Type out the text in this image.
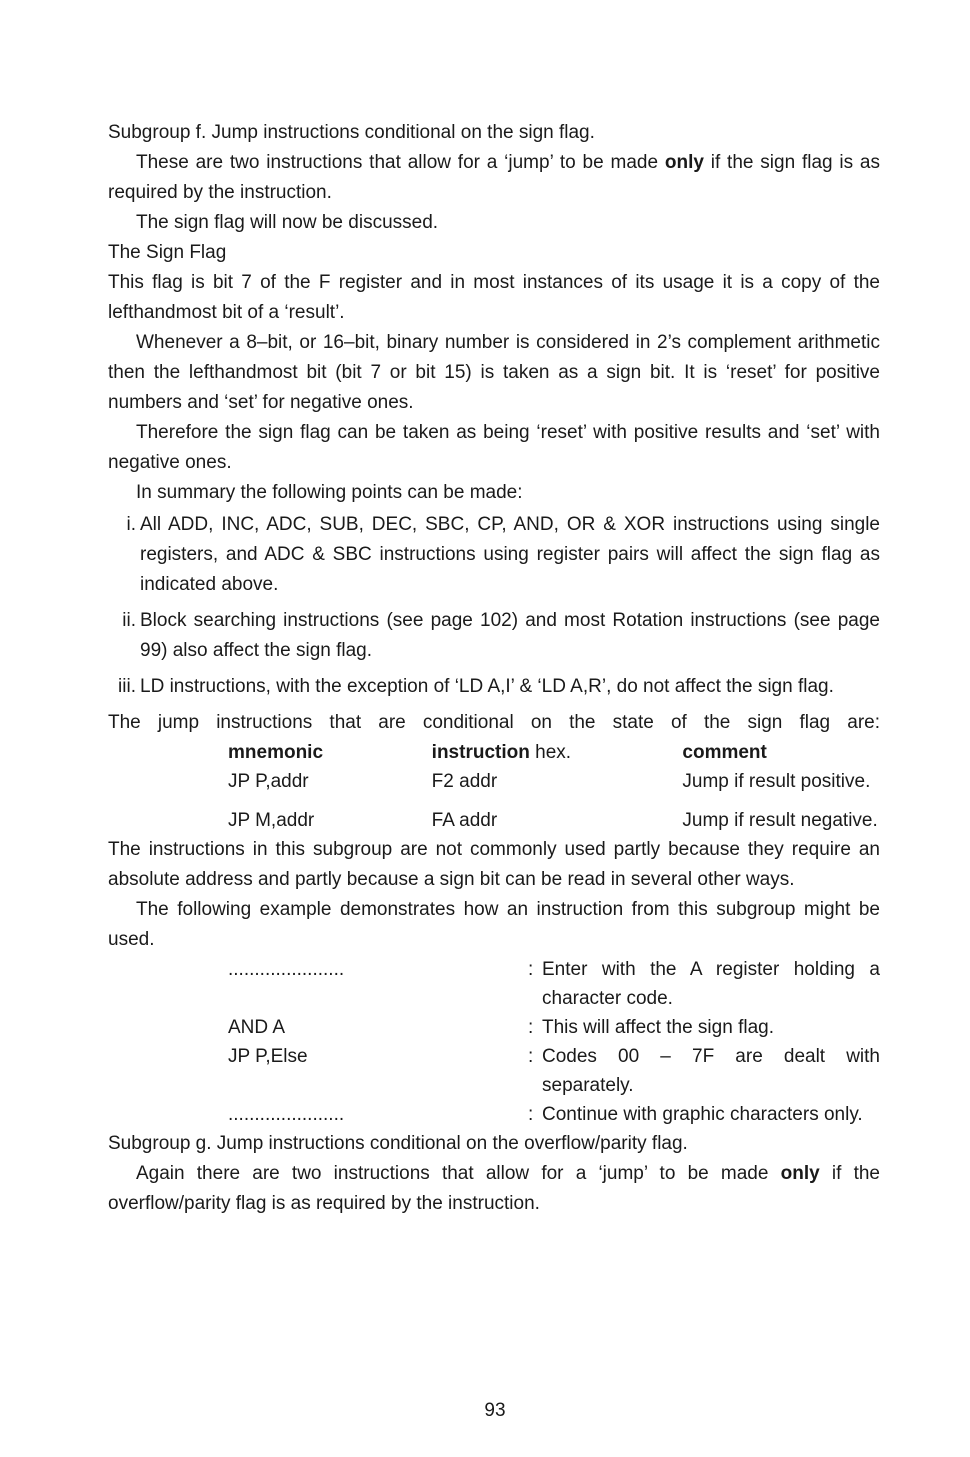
Subgroup f. Jump instructions conditional on the sign flag.

These are two instructions that allow for a ‘jump’ to be made only if the sign flag is as required by the instruction.

The sign flag will now be discussed.

The Sign Flag

This flag is bit 7 of the F register and in most instances of its usage it is a copy of the lefthandmost bit of a ‘result’.

Whenever a 8–bit, or 16–bit, binary number is considered in 2’s complement arithmetic then the lefthandmost bit (bit 7 or bit 15) is taken as a sign bit. It is ‘reset’ for positive numbers and ‘set’ for negative ones.

Therefore the sign flag can be taken as being ‘reset’ with positive results and ‘set’ with negative ones.

In summary the following points can be made:

i. All ADD, INC, ADC, SUB, DEC, SBC, CP, AND, OR & XOR instructions using single registers, and ADC & SBC instructions using register pairs will affect the sign flag as indicated above.
ii. Block searching instructions (see page 102) and most Rotation instructions (see page 99) also affect the sign flag.
iii. LD instructions, with the exception of ‘LD A,I’ & ‘LD A,R’, do not affect the sign flag.

The jump instructions that are conditional on the state of the sign flag are:

mnemonic	instruction hex.	comment
JP P,addr	F2 addr	Jump if result positive.

JP M,addr	FA addr	Jump if result negative.

The instructions in this subgroup are not commonly used partly because they require an absolute address and partly because a sign bit can be read in several other ways.

The following example demonstrates how an instruction from this subgroup might be used.

......................	: Enter with the A register holding a character code.

AND A	: This will affect the sign flag.

JP P,Else	: Codes 00 – 7F are dealt with separately.

......................	: Continue with graphic characters only.

Subgroup g. Jump instructions conditional on the overflow/parity flag.

Again there are two instructions that allow for a ‘jump’ to be made only if the overflow/parity flag is as required by the instruction.

93
